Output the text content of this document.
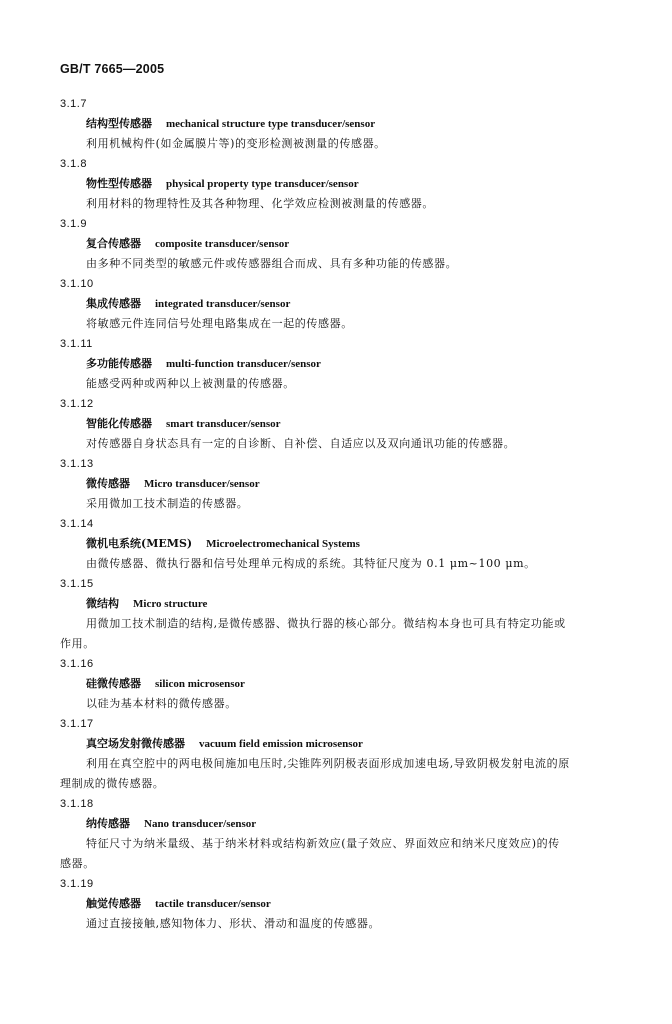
GB/T 7665—2005
3.1.7
结构型传感器 mechanical structure type transducer/sensor
利用机械构件(如金属膜片等)的变形检测被测量的传感器。
3.1.8
物性型传感器 physical property type transducer/sensor
利用材料的物理特性及其各种物理、化学效应检测被测量的传感器。
3.1.9
复合传感器 composite transducer/sensor
由多种不同类型的敏感元件或传感器组合而成、具有多种功能的传感器。
3.1.10
集成传感器 integrated transducer/sensor
将敏感元件连同信号处理电路集成在一起的传感器。
3.1.11
多功能传感器 multi-function transducer/sensor
能感受两种或两种以上被测量的传感器。
3.1.12
智能化传感器 smart transducer/sensor
对传感器自身状态具有一定的自诊断、自补偿、自适应以及双向通讯功能的传感器。
3.1.13
微传感器 Micro transducer/sensor
采用微加工技术制造的传感器。
3.1.14
微机电系统(MEMS) Microelectromechanical Systems
由微传感器、微执行器和信号处理单元构成的系统。其特征尺度为 0.1 μm~100 μm。
3.1.15
微结构 Micro structure
用微加工技术制造的结构,是微传感器、微执行器的核心部分。微结构本身也可具有特定功能或
作用。
3.1.16
硅微传感器 silicon microsensor
以硅为基本材料的微传感器。
3.1.17
真空场发射微传感器 vacuum field emission microsensor
利用在真空腔中的两电极间施加电压时,尖锥阵列阴极表面形成加速电场,导致阴极发射电流的原
理制成的微传感器。
3.1.18
纳传感器 Nano transducer/sensor
特征尺寸为纳米量级、基于纳米材料或结构新效应(量子效应、界面效应和纳米尺度效应)的传
感器。
3.1.19
触觉传感器 tactile transducer/sensor
通过直接接触,感知物体力、形状、滑动和温度的传感器。
